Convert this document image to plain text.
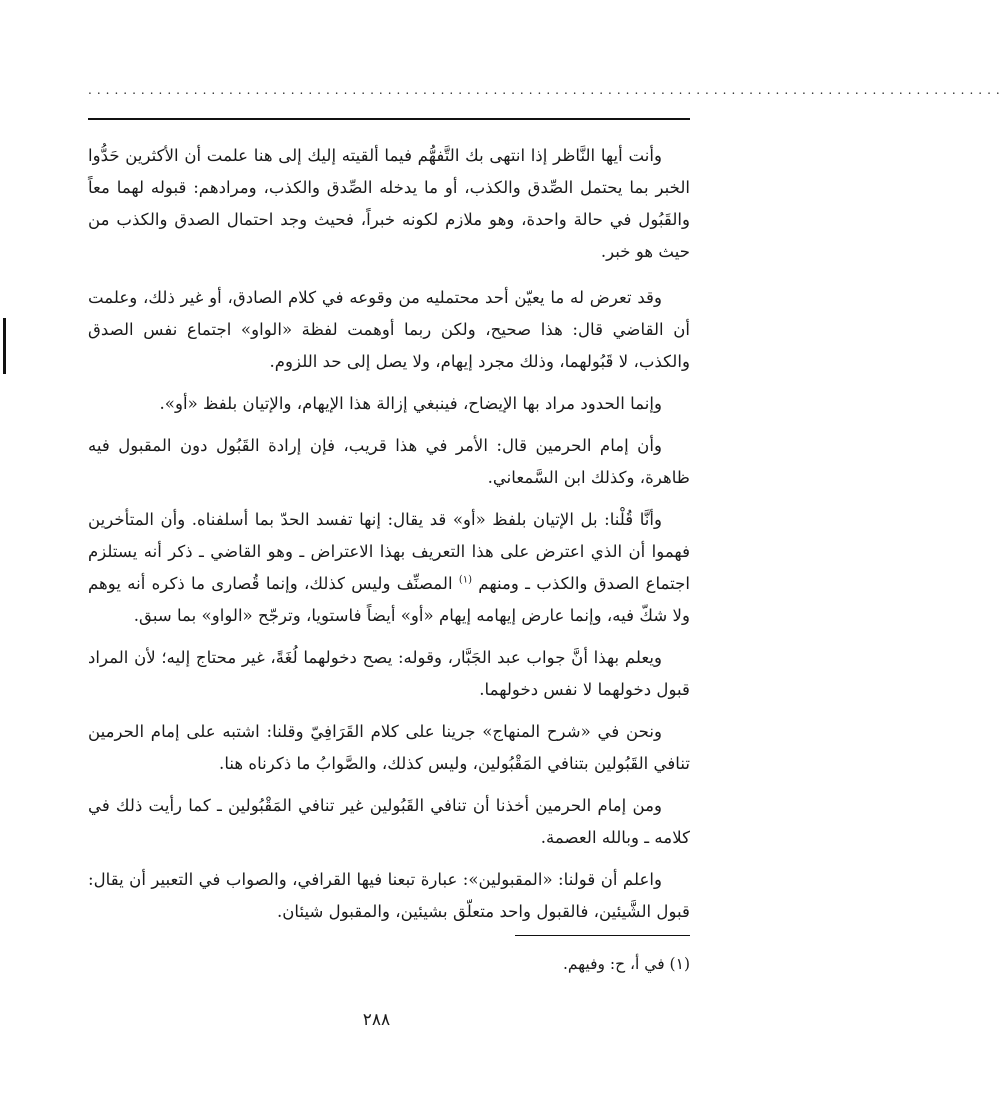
........................................................................................................

وأنت أيها النَّاظر إذا انتهى بك التَّفهُّم فيما ألقيته إليك إلى هنا علمت أن الأكثرين حَدُّوا الخبر بما يحتمل الصِّدق والكذب، أو ما يدخله الصِّدق والكذب، ومرادهم: قبوله لهما معاً والقَبُول في حالة واحدة، وهو ملازم لكونه خبراً، فحيث وجد احتمال الصدق والكذب من حيث هو خبر.

وقد تعرض له ما يعيّن أحد محتمليه من وقوعه في كلام الصادق، أو غير ذلك، وعلمت أن القاضي قال: هذا صحيح، ولكن ربما أوهمت لفظة «الواو» اجتماع نفس الصدق والكذب، لا قَبُولهما، وذلك مجرد إيهام، ولا يصل إلى حد اللزوم.

وإنما الحدود مراد بها الإيضاح، فينبغي إزالة هذا الإيهام، والإتيان بلفظ «أو».

وأن إمام الحرمين قال: الأمر في هذا قريب، فإن إرادة القَبُول دون المقبول فيه ظاهرة، وكذلك ابن السَّمعاني.

وأنَّا قُلْنا: بل الإتيان بلفظ «أو» قد يقال: إنها تفسد الحدّ بما أسلفناه. وأن المتأخرين فهموا أن الذي اعترض على هذا التعريف بهذا الاعتراض ـ وهو القاضي ـ ذكر أنه يستلزم اجتماع الصدق والكذب ـ ومنهم $^{(١)}$ المصنِّف وليس كذلك، وإنما قُصارى ما ذكره أنه يوهم ولا شكّ فيه، وإنما عارض إيهامه إيهام «أو» أيضاً فاستويا، وترجّح «الواو» بما سبق.

ويعلم بهذا أنَّ جواب عبد الجَبَّار، وقوله: يصح دخولهما لُغَةً، غير محتاج إليه؛ لأن المراد قبول دخولهما لا نفس دخولهما.

ونحن في «شرح المنهاج» جرينا على كلام القَرَافِيّ وقلنا: اشتبه على إمام الحرمين تنافي القَبُولين بتنافي المَقْبُولين، وليس كذلك، والصَّوابُ ما ذكرناه هنا.

ومن إمام الحرمين أخذنا أن تنافي القَبُولين غير تنافي المَقْبُولين ـ كما رأيت ذلك في كلامه ـ وبالله العصمة.

واعلم أن قولنا: «المقبولين»: عبارة تبعنا فيها القرافي، والصواب في التعبير أن يقال: قبول الشَّيئين، فالقبول واحد متعلّق بشيئين، والمقبول شيئان.

(١) في أ، ح: وفيهم.
٢٨٨
